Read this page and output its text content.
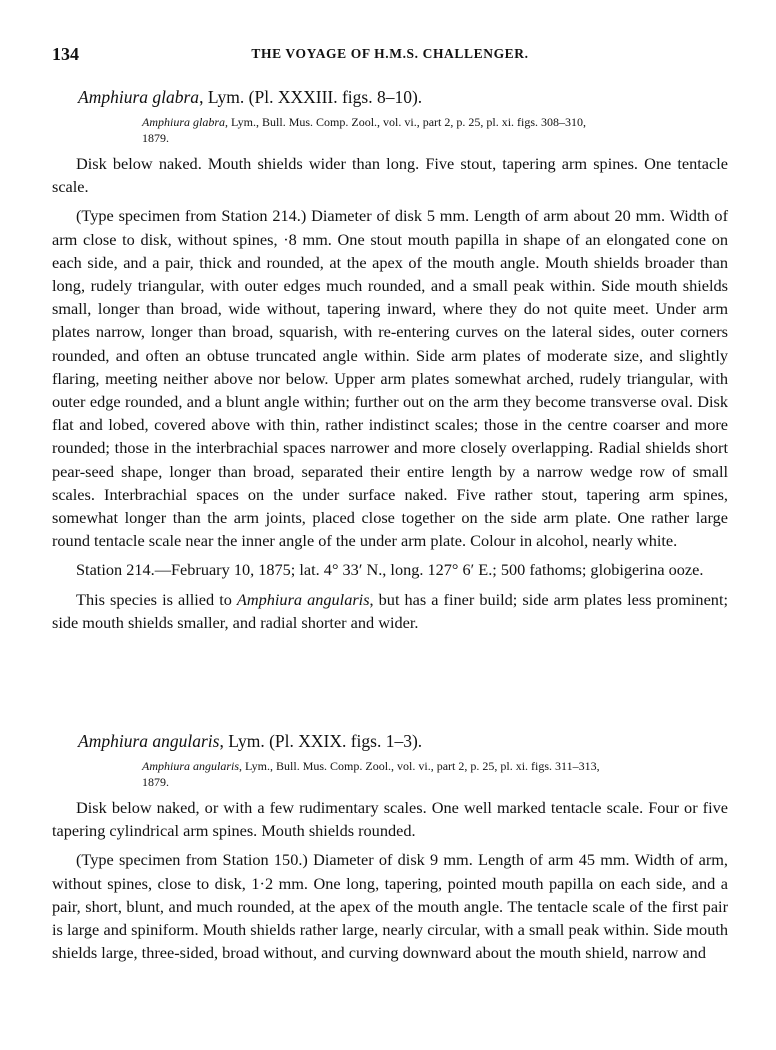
134	THE VOYAGE OF H.M.S. CHALLENGER.
Amphiura glabra, Lym. (Pl. XXXIII. figs. 8–10).
Amphiura glabra, Lym., Bull. Mus. Comp. Zool., vol. vi., part 2, p. 25, pl. xi. figs. 308–310,
1879.

Disk below naked. Mouth shields wider than long. Five stout, tapering arm spines. One tentacle scale.

(Type specimen from Station 214.) Diameter of disk 5 mm. Length of arm about 20 mm. Width of arm close to disk, without spines, ·8 mm. One stout mouth papilla in shape of an elongated cone on each side, and a pair, thick and rounded, at the apex of the mouth angle. Mouth shields broader than long, rudely triangular, with outer edges much rounded, and a small peak within. Side mouth shields small, longer than broad, wide without, tapering inward, where they do not quite meet. Under arm plates narrow, longer than broad, squarish, with re-entering curves on the lateral sides, outer corners rounded, and often an obtuse truncated angle within. Side arm plates of moderate size, and slightly flaring, meeting neither above nor below. Upper arm plates somewhat arched, rudely triangular, with outer edge rounded, and a blunt angle within; further out on the arm they become transverse oval. Disk flat and lobed, covered above with thin, rather indistinct scales; those in the centre coarser and more rounded; those in the interbrachial spaces narrower and more closely overlapping. Radial shields short pear-seed shape, longer than broad, separated their entire length by a narrow wedge row of small scales. Interbrachial spaces on the under surface naked. Five rather stout, tapering arm spines, somewhat longer than the arm joints, placed close together on the side arm plate. One rather large round tentacle scale near the inner angle of the under arm plate. Colour in alcohol, nearly white.

Station 214.—February 10, 1875; lat. 4° 33′ N., long. 127° 6′ E.; 500 fathoms; globigerina ooze.

This species is allied to Amphiura angularis, but has a finer build; side arm plates less prominent; side mouth shields smaller, and radial shorter and wider.

Amphiura angularis, Lym. (Pl. XXIX. figs. 1–3).
Amphiura angularis, Lym., Bull. Mus. Comp. Zool., vol. vi., part 2, p. 25, pl. xi. figs. 311–313,
1879.

Disk below naked, or with a few rudimentary scales. One well marked tentacle scale. Four or five tapering cylindrical arm spines. Mouth shields rounded.

(Type specimen from Station 150.) Diameter of disk 9 mm. Length of arm 45 mm. Width of arm, without spines, close to disk, 1·2 mm. One long, tapering, pointed mouth papilla on each side, and a pair, short, blunt, and much rounded, at the apex of the mouth angle. The tentacle scale of the first pair is large and spiniform. Mouth shields rather large, nearly circular, with a small peak within. Side mouth shields large, three-sided, broad without, and curving downward about the mouth shield, narrow and
